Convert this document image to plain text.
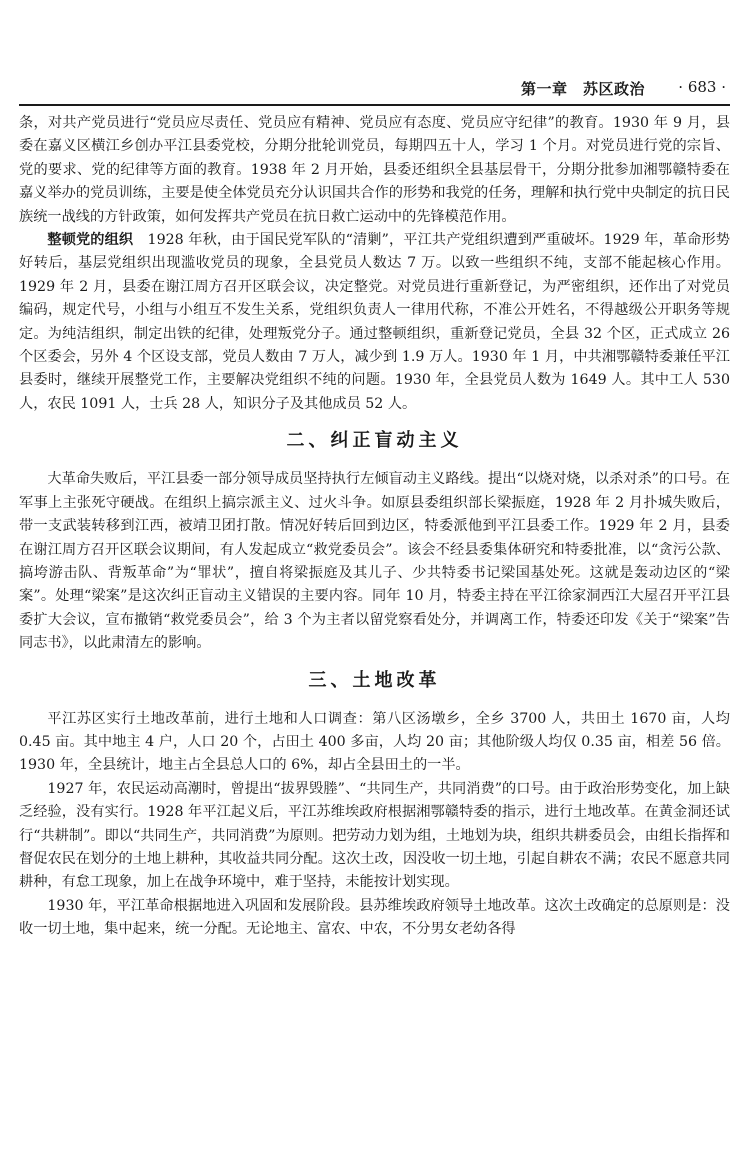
第一章　苏区政治 · 683 ·

条，对共产党员进行“党员应尽责任、党员应有精神、党员应有态度、党员应守纪律”的教育。1930 年 9 月，县委在嘉义区横江乡创办平江县委党校，分期分批轮训党员，每期四五十人，学习 1 个月。对党员进行党的宗旨、党的要求、党的纪律等方面的教育。1938 年 2 月开始，县委还组织全县基层骨干，分期分批参加湘鄂赣特委在嘉义举办的党员训练，主要是使全体党员充分认识国共合作的形势和我党的任务，理解和执行党中央制定的抗日民族统一战线的方针政策，如何发挥共产党员在抗日救亡运动中的先锋模范作用。

整顿党的组织　1928 年秋，由于国民党军队的“清剿”，平江共产党组织遭到严重破坏。1929 年，革命形势好转后，基层党组织出现滥收党员的现象，全县党员人数达 7 万。以致一些组织不纯，支部不能起核心作用。1929 年 2 月，县委在谢江周方召开区联会议，决定整党。对党员进行重新登记，为严密组织，还作出了对党员编码，规定代号，小组与小组互不发生关系，党组织负责人一律用代称，不准公开姓名，不得越级公开职务等规定。为纯洁组织，制定出铁的纪律，处理叛党分子。通过整顿组织，重新登记党员，全县 32 个区，正式成立 26 个区委会，另外 4 个区设支部，党员人数由 7 万人，减少到 1.9 万人。1930 年 1 月，中共湘鄂赣特委兼任平江县委时，继续开展整党工作，主要解决党组织不纯的问题。1930 年，全县党员人数为 1649 人。其中工人 530 人，农民 1091 人，士兵 28 人，知识分子及其他成员 52 人。

二、纠正盲动主义

大革命失败后，平江县委一部分领导成员坚持执行左倾盲动主义路线。提出“以烧对烧，以杀对杀”的口号。在军事上主张死守硬战。在组织上搞宗派主义、过火斗争。如原县委组织部长梁振庭，1928 年 2 月扑城失败后，带一支武装转移到江西，被靖卫团打散。情况好转后回到边区，特委派他到平江县委工作。1929 年 2 月，县委在谢江周方召开区联会议期间，有人发起成立“救党委员会”。该会不经县委集体研究和特委批准，以“贪污公款、搞垮游击队、背叛革命”为“罪状”，擅自将梁振庭及其儿子、少共特委书记梁国基处死。这就是轰动边区的“梁案”。处理“梁案”是这次纠正盲动主义错误的主要内容。同年 10 月，特委主持在平江徐家洞西江大屋召开平江县委扩大会议，宣布撤销“救党委员会”，给 3 个为主者以留党察看处分，并调离工作，特委还印发《关于“梁案”告同志书》，以此肃清左的影响。

三、土地改革

平江苏区实行土地改革前，进行土地和人口调查：第八区汤墩乡，全乡 3700 人，共田土 1670 亩，人均 0.45 亩。其中地主 4 户，人口 20 个，占田土 400 多亩，人均 20 亩；其他阶级人均仅 0.35 亩，相差 56 倍。1930 年，全县统计，地主占全县总人口的 6%，却占全县田土的一半。

1927 年，农民运动高潮时，曾提出“拔界毁塍”、“共同生产，共同消费”的口号。由于政治形势变化，加上缺乏经验，没有实行。1928 年平江起义后，平江苏维埃政府根据湘鄂赣特委的指示，进行土地改革。在黄金洞还试行“共耕制”。即以“共同生产，共同消费”为原则。把劳动力划为组，土地划为块，组织共耕委员会，由组长指挥和督促农民在划分的土地上耕种，其收益共同分配。这次土改，因没收一切土地，引起自耕农不满；农民不愿意共同耕种，有怠工现象，加上在战争环境中，难于坚持，未能按计划实现。

1930 年，平江革命根据地进入巩固和发展阶段。县苏维埃政府领导土地改革。这次土改确定的总原则是：没收一切土地，集中起来，统一分配。无论地主、富农、中农，不分男女老幼各得
